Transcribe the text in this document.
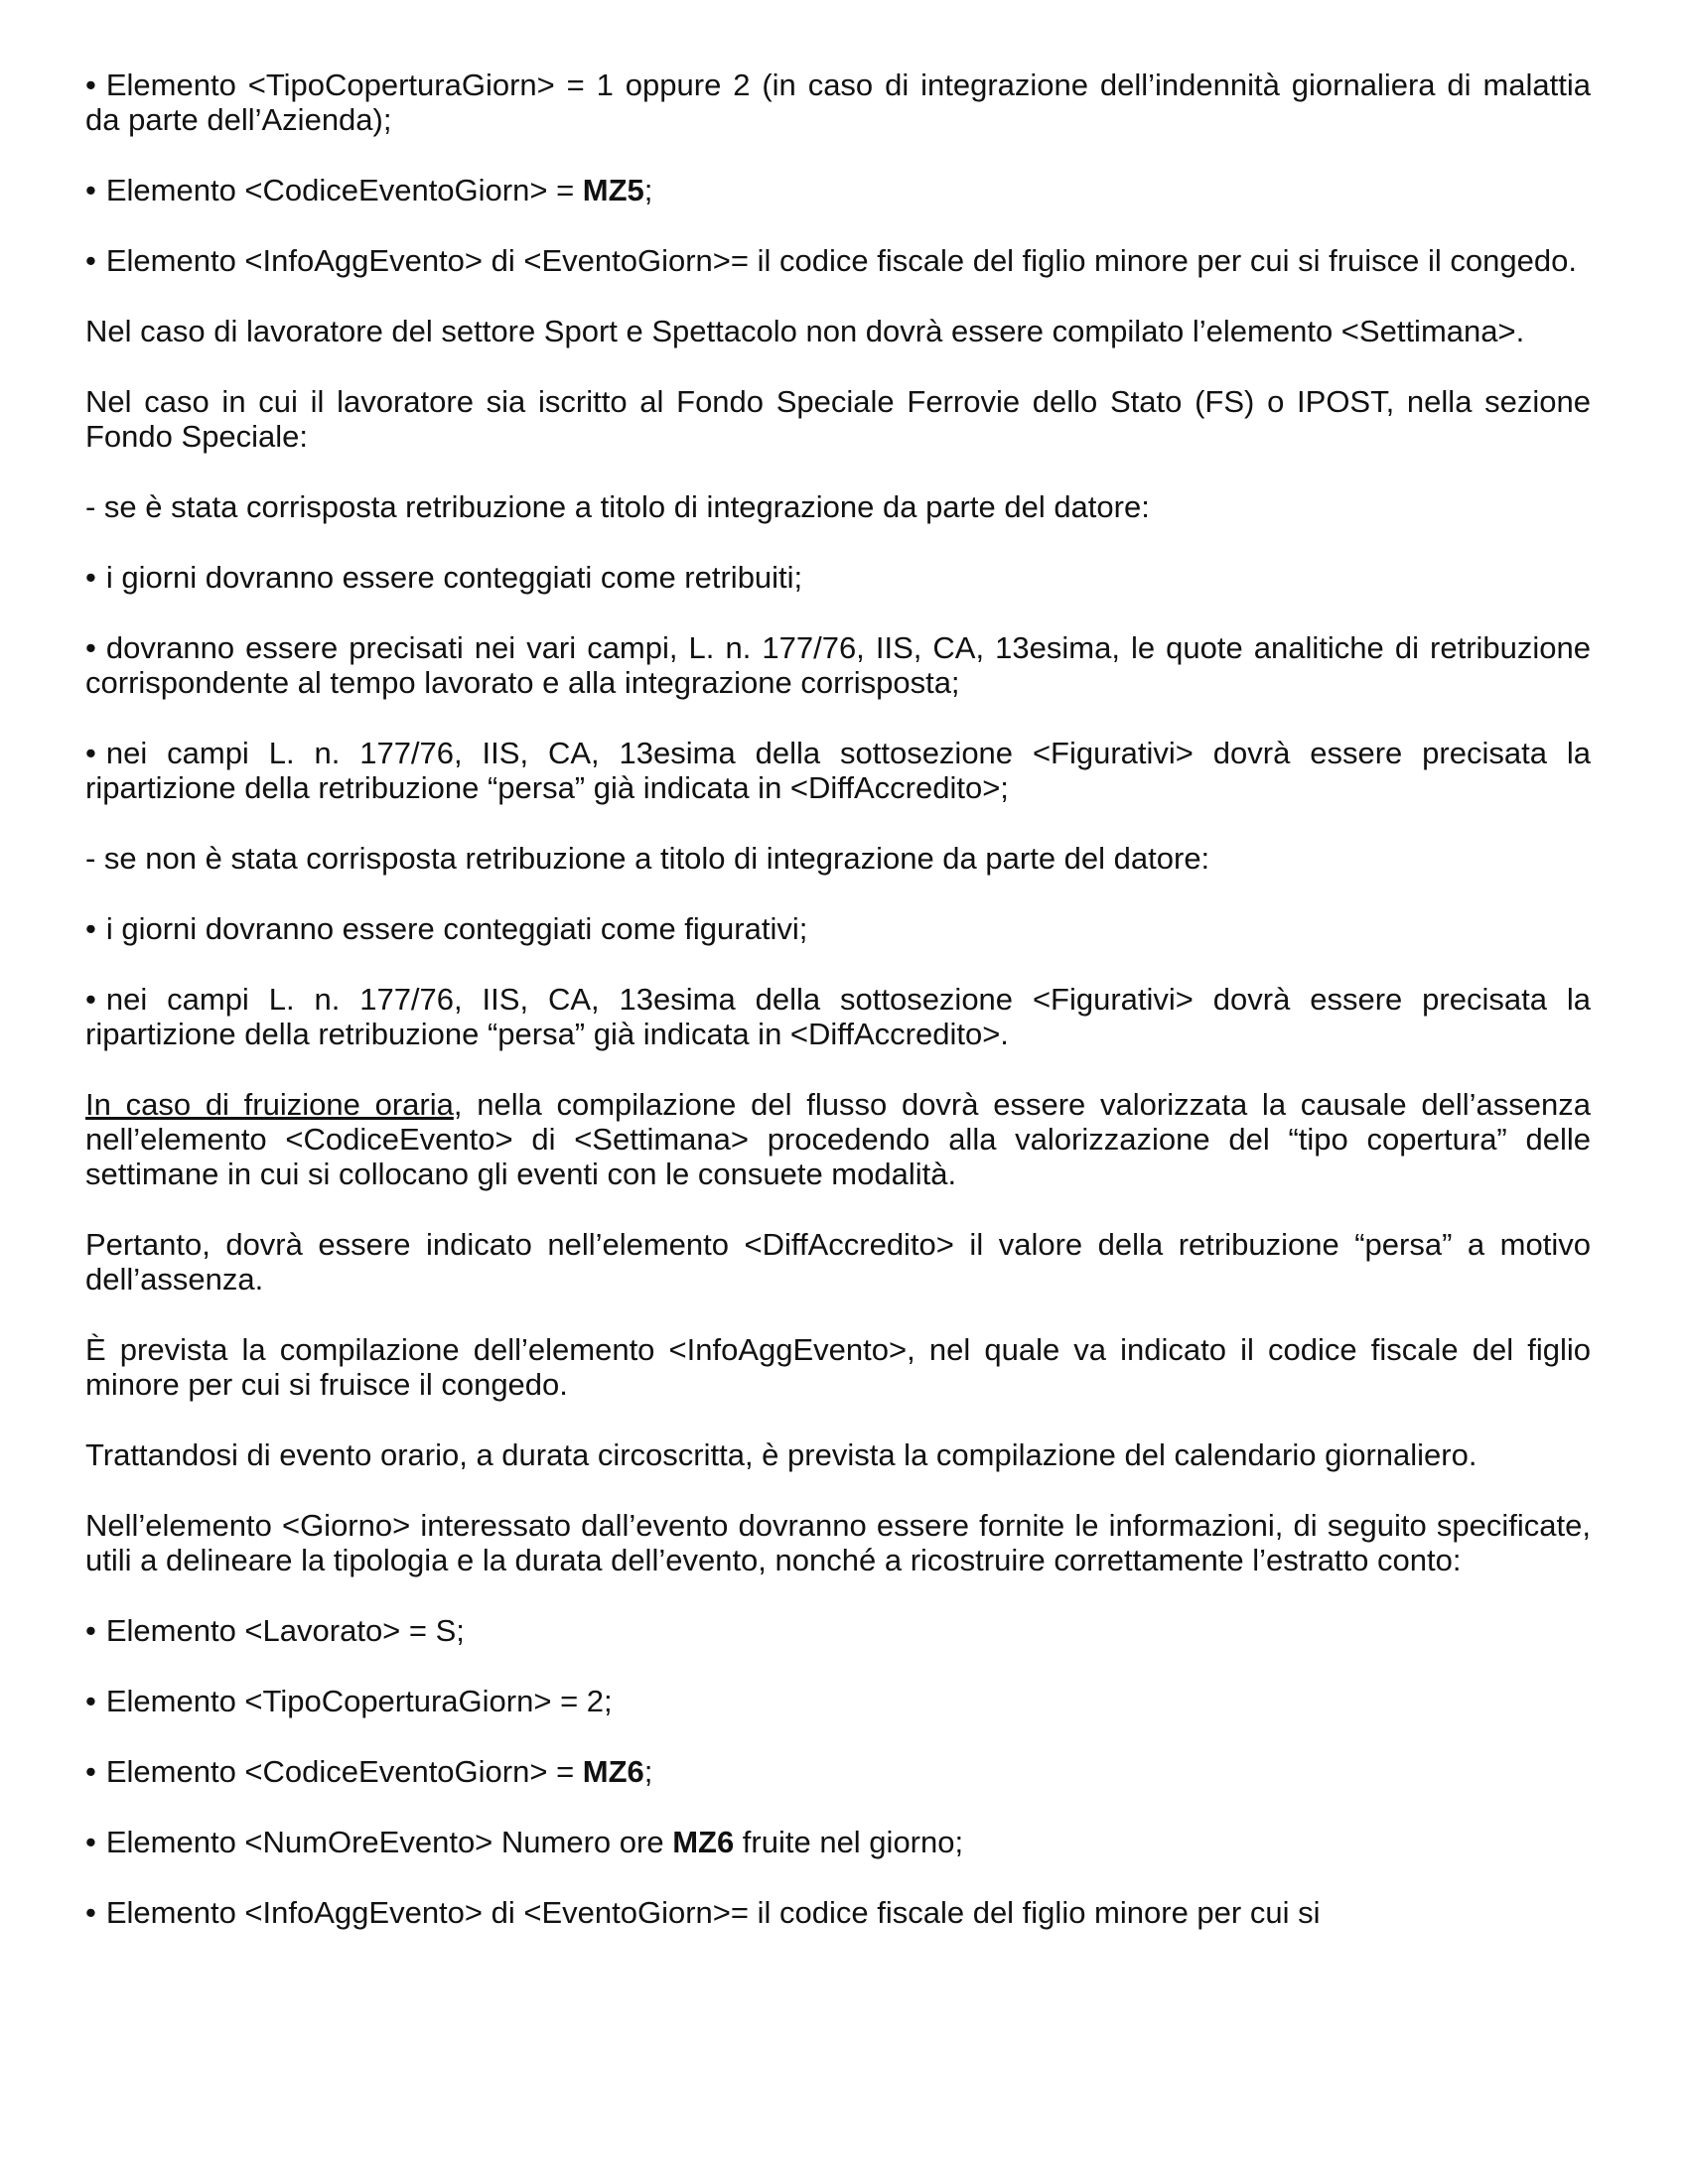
• Elemento <TipoCoperturaGiorn> = 1 oppure 2 (in caso di integrazione dell’indennità giornaliera di malattia da parte dell’Azienda);

• Elemento <CodiceEventoGiorn> = MZ5;

• Elemento <InfoAggEvento> di <EventoGiorn>= il codice fiscale del figlio minore per cui si fruisce il congedo.

Nel caso di lavoratore del settore Sport e Spettacolo non dovrà essere compilato l’elemento <Settimana>.

Nel caso in cui il lavoratore sia iscritto al Fondo Speciale Ferrovie dello Stato (FS) o IPOST, nella sezione Fondo Speciale:

- se è stata corrisposta retribuzione a titolo di integrazione da parte del datore:

• i giorni dovranno essere conteggiati come retribuiti;

• dovranno essere precisati nei vari campi, L. n. 177/76, IIS, CA, 13esima, le quote analitiche di retribuzione corrispondente al tempo lavorato e alla integrazione corrisposta;

• nei campi L. n. 177/76, IIS, CA, 13esima della sottosezione <Figurativi> dovrà essere precisata la ripartizione della retribuzione “persa” già indicata in <DiffAccredito>;

- se non è stata corrisposta retribuzione a titolo di integrazione da parte del datore:

• i giorni dovranno essere conteggiati come figurativi;

• nei campi L. n. 177/76, IIS, CA, 13esima della sottosezione <Figurativi> dovrà essere precisata la ripartizione della retribuzione “persa” già indicata in <DiffAccredito>.

In caso di fruizione oraria, nella compilazione del flusso dovrà essere valorizzata la causale dell’assenza nell’elemento <CodiceEvento> di <Settimana> procedendo alla valorizzazione del “tipo copertura” delle settimane in cui si collocano gli eventi con le consuete modalità.

Pertanto, dovrà essere indicato nell’elemento <DiffAccredito> il valore della retribuzione “persa” a motivo dell’assenza.

È prevista la compilazione dell’elemento <InfoAggEvento>, nel quale va indicato il codice fiscale del figlio minore per cui si fruisce il congedo.

Trattandosi di evento orario, a durata circoscritta, è prevista la compilazione del calendario giornaliero.

Nell’elemento <Giorno> interessato dall’evento dovranno essere fornite le informazioni, di seguito specificate, utili a delineare la tipologia e la durata dell’evento, nonché a ricostruire correttamente l’estratto conto:

• Elemento <Lavorato> = S;

• Elemento <TipoCoperturaGiorn> = 2;

• Elemento <CodiceEventoGiorn> = MZ6;

• Elemento <NumOreEvento> Numero ore MZ6 fruite nel giorno;

• Elemento <InfoAggEvento> di <EventoGiorn>= il codice fiscale del figlio minore per cui si
